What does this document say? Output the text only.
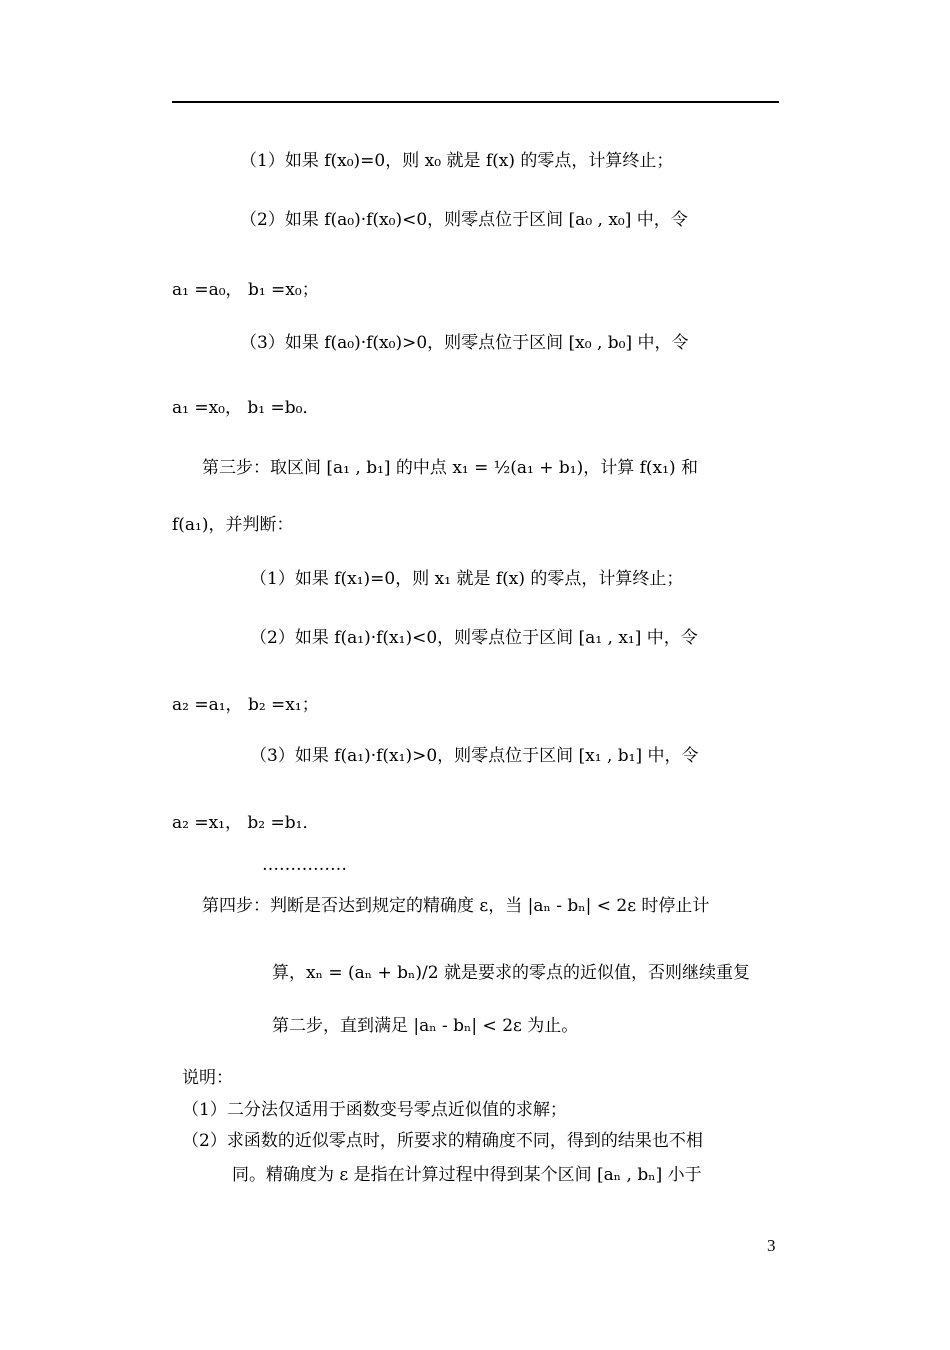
（1）如果 f(x₀)=0，则 x₀ 就是 f(x) 的零点，计算终止；
（2）如果 f(a₀)·f(x₀)<0，则零点位于区间 [a₀ , x₀] 中，令
a₁ =a₀， b₁ =x₀；
（3）如果 f(a₀)·f(x₀)>0，则零点位于区间 [x₀ , b₀] 中，令
a₁ =x₀， b₁ =b₀．
第三步：取区间 [a₁ , b₁] 的中点 x₁ = ½(a₁ + b₁)，计算 f(x₁) 和
f(a₁)，并判断：
（1）如果 f(x₁)=0，则 x₁ 就是 f(x) 的零点，计算终止；
（2）如果 f(a₁)·f(x₁)<0，则零点位于区间 [a₁ , x₁] 中，令
a₂ =a₁， b₂ =x₁；
（3）如果 f(a₁)·f(x₁)>0，则零点位于区间 [x₁ , b₁] 中，令
a₂ =x₁， b₂ =b₁．
……………
第四步：判断是否达到规定的精确度 ε，当 |aₙ - bₙ| < 2ε 时停止计
算，xₙ = (aₙ + bₙ)/2 就是要求的零点的近似值，否则继续重复
第二步，直到满足 |aₙ - bₙ| < 2ε 为止。
说明：
（1）二分法仅适用于函数变号零点近似值的求解；
（2）求函数的近似零点时，所要求的精确度不同，得到的结果也不相
同。精确度为 ε 是指在计算过程中得到某个区间 [aₙ , bₙ] 小于
3
